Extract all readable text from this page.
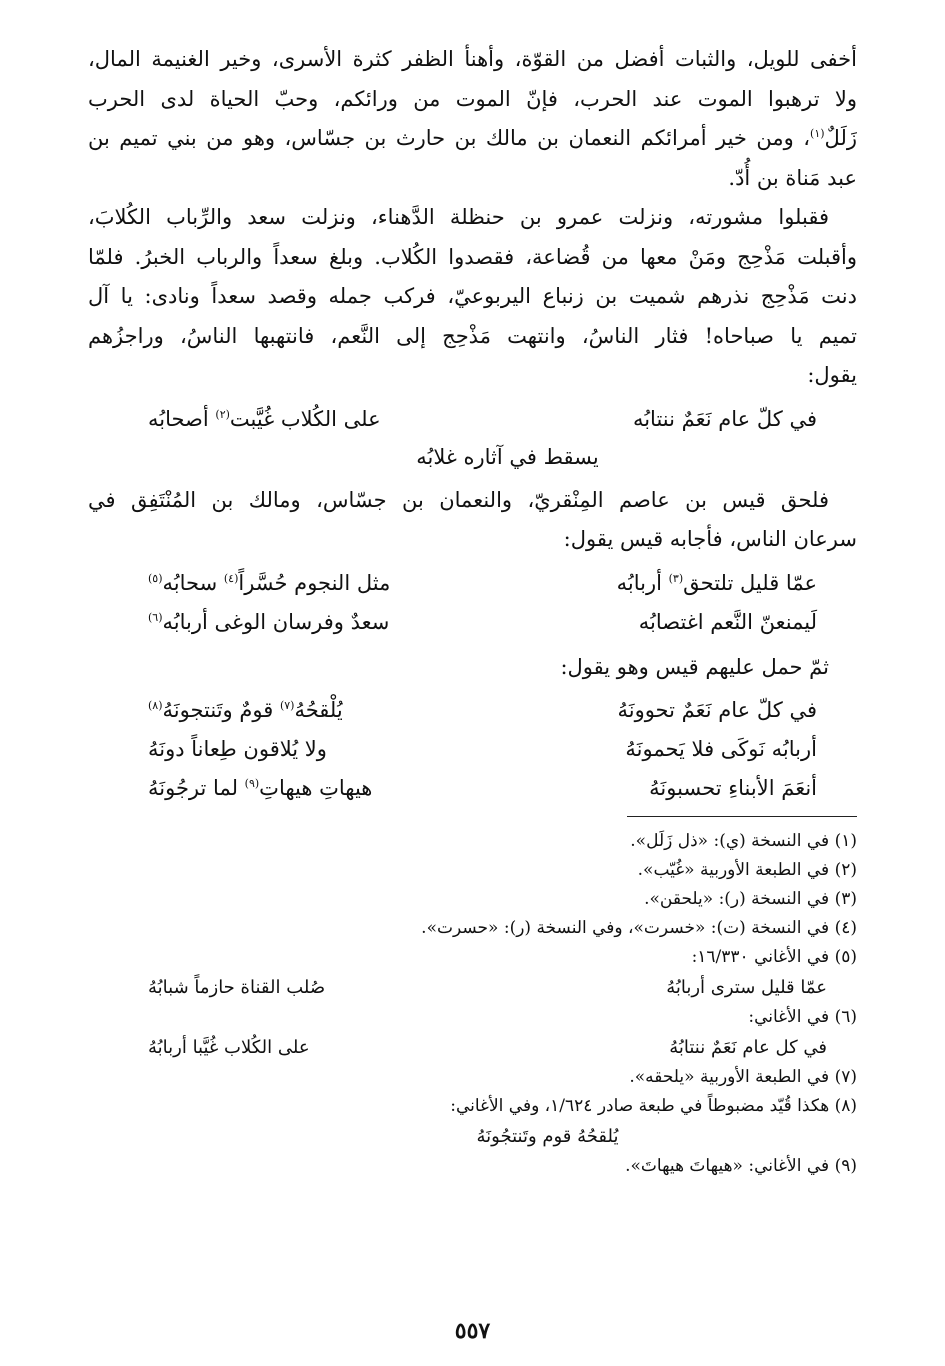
أخفى للويل، والثبات أفضل من القوّة، وأهنأ الظفر كثرة الأسرى، وخير الغنيمة المال،
ولا ترهبوا الموت عند الحرب، فإنّ الموت من ورائكم، وحبّ الحياة لدى الحرب
زَلَلٌ$^{(١)}$، ومن خير أمرائكم النعمان بن مالك بن حارث بن جسّاس، وهو من بني تميم بن
عبد مَناة بن أُدّ.

فقبلوا مشورته، ونزلت عمرو بن حنظلة الدَّهناء، ونزلت سعد والرِّباب الكُلابَ،
وأقبلت مَذْحِج ومَنْ معها من قُضاعة، فقصدوا الكُلاب. وبلغ سعداً والرباب الخبرُ. فلمّا
دنت مَذْحِج نذرهم شميت بن زنباع اليربوعيّ، فركب جمله وقصد سعداً ونادى: يا آل
تميم يا صباحاه! فثار الناسُ، وانتهت مَذْحِج إلى النَّعم، فانتهبها الناسُ، وراجزُهم
يقول:

في كلّ عام نَعَمٌ ننتابُه
على الكُلاب غُيَّبت$^{(٢)}$ أصحابُه
يسقط في آثاره غلابُه

فلحق قيس بن عاصم المِنْقريّ، والنعمان بن جسّاس، ومالك بن المُنْتَفِق في
سرعان الناس، فأجابه قيس يقول:

عمّا قليل تلتحق$^{(٣)}$ أربابُه
مثل النجوم حُسَّراً$^{(٤)}$ سحابُه$^{(٥)}$
لَيمنعنّ النَّعم اغتصابُه
سعدٌ وفرسان الوغى أربابُه$^{(٦)}$

ثمّ حمل عليهم قيس وهو يقول:

في كلّ عام نَعَمٌ تحوونَهُ
يُلْقحُهُ$^{(٧)}$ قومٌ وتَنتجونَهُ$^{(٨)}$
أربابُه نَوكَى فلا يَحمونَهُ
ولا يُلاقون طِعاناً دونَهُ
أنعَمَ الأبناءِ تحسبونَهُ
هيهاتِ هيهاتِ$^{(٩)}$ لما ترجُونَهُ
(١) في النسخة (ي): «ذل زَلَل».
(٢) في الطبعة الأوربية «غُيّب».
(٣) في النسخة (ر): «يلحقن».
(٤) في النسخة (ت): «خسرت»، وفي النسخة (ر): «حسرت».
(٥) في الأغاني ١٦/٣٣٠:
عمّا قليل سترى أربابُهُ
صُلب القناة حازماً شبابُهُ
(٦) في الأغاني:
في كل عام نَعَمٌ ننتابُهُ
على الكُلاب غُيَّبا أربابُهُ
(٧) في الطبعة الأوربية «يلحقه».
(٨) هكذا قُيّد مضبوطاً في طبعة صادر ١/٦٢٤، وفي الأغاني:
يُلقحُهُ قوم وتَنتجُونَهُ
(٩) في الأغاني: «هيهاتَ هيهاتَ».
٥٥٧
